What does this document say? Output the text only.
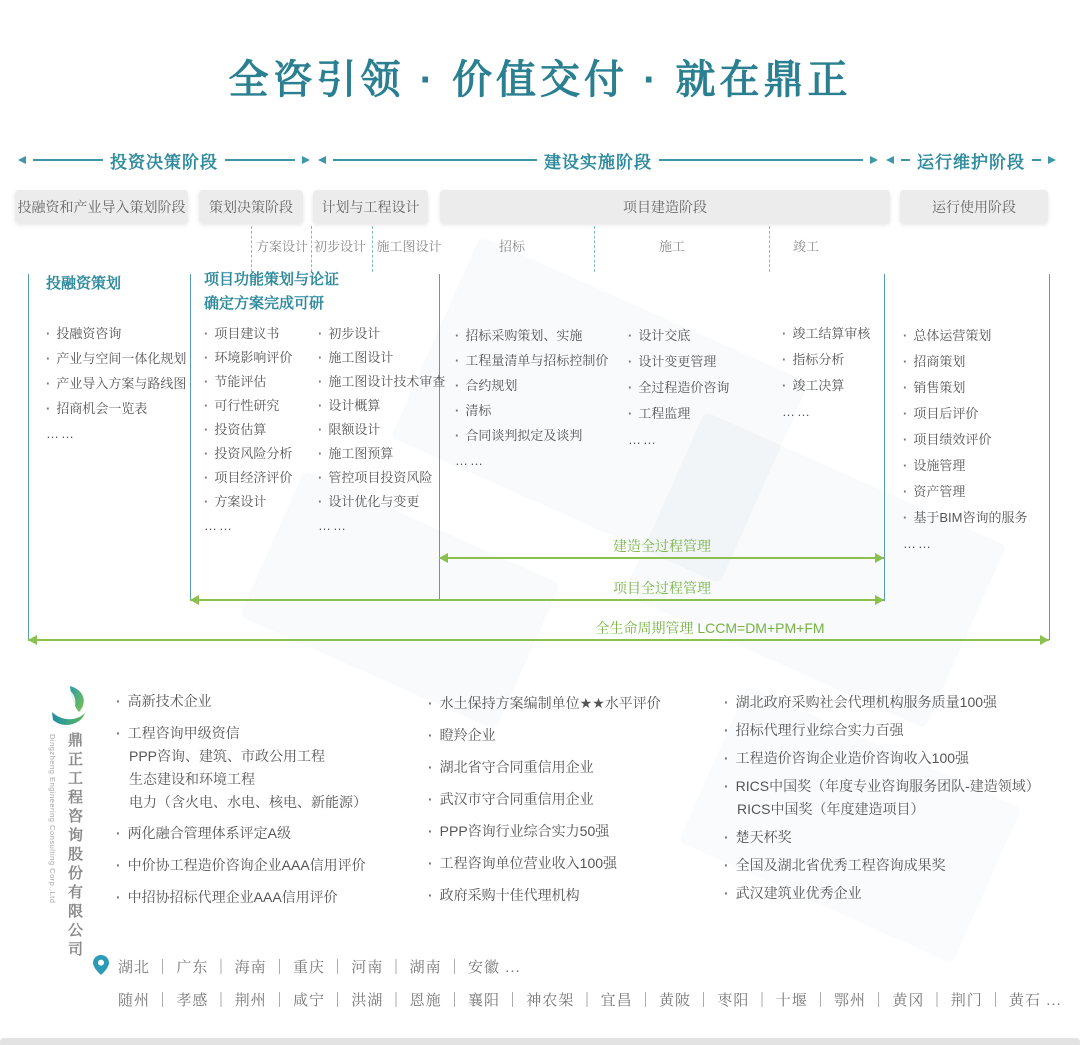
全咨引领 · 价值交付 · 就在鼎正
投资决策阶段	建设实施阶段	运行维护阶段
投融资和产业导入策划阶段	策划决策阶段	计划与工程设计	项目建造阶段	运行使用阶段
方案设计 初步设计 施工图设计	招标	施工	竣工
投融资策划	项目功能策划与论证
确定方案完成可研
· 投融资咨询
· 产业与空间一体化规划
· 产业导入方案与路线图
· 招商机会一览表
……
· 项目建议书
· 环境影响评价
· 节能评估
· 可行性研究
· 投资估算
· 投资风险分析
· 项目经济评价
· 方案设计
……
· 初步设计
· 施工图设计
· 施工图设计技术审查
· 设计概算
· 限额设计
· 施工图预算
· 管控项目投资风险
· 设计优化与变更
……
· 招标采购策划、实施
· 工程量清单与招标控制价
· 合约规划
· 清标
· 合同谈判拟定及谈判
……
· 设计交底
· 设计变更管理
· 全过程造价咨询
· 工程监理
……
· 竣工结算审核
· 指标分析
· 竣工决算
……
· 总体运营策划
· 招商策划
· 销售策划
· 项目后评价
· 项目绩效评价
· 设施管理
· 资产管理
· 基于BIM咨询的服务
……
建造全过程管理
项目全过程管理
全生命周期管理 LCCM=DM+PM+FM
Dingzheng Engineering Consulting Corp.,Ltd 鼎正工程咨询股份有限公司
· 高新技术企业
· 工程咨询甲级资信
PPP咨询、建筑、市政公用工程
生态建设和环境工程
电力（含火电、水电、核电、新能源）
· 两化融合管理体系评定A级
· 中价协工程造价咨询企业AAA信用评价
· 中招协招标代理企业AAA信用评价
· 水土保持方案编制单位★★水平评价
· 瞪羚企业
· 湖北省守合同重信用企业
· 武汉市守合同重信用企业
· PPP咨询行业综合实力50强
· 工程咨询单位营业收入100强
· 政府采购十佳代理机构
· 湖北政府采购社会代理机构服务质量100强
· 招标代理行业综合实力百强
· 工程造价咨询企业造价咨询收入100强
· RICS中国奖（年度专业咨询服务团队-建造领域）
RICS中国奖（年度建造项目）
· 楚天杯奖
· 全国及湖北省优秀工程咨询成果奖
· 武汉建筑业优秀企业
湖北 ｜ 广东 ｜ 海南 ｜ 重庆 ｜ 河南 ｜ 湖南 ｜ 安徽 ...
随州 ｜ 孝感 ｜ 荆州 ｜ 咸宁 ｜ 洪湖 ｜ 恩施 ｜ 襄阳 ｜ 神农架 ｜ 宜昌 ｜ 黄陂 ｜ 枣阳 ｜ 十堰 ｜ 鄂州 ｜ 黄冈 ｜ 荆门 ｜ 黄石 ...
